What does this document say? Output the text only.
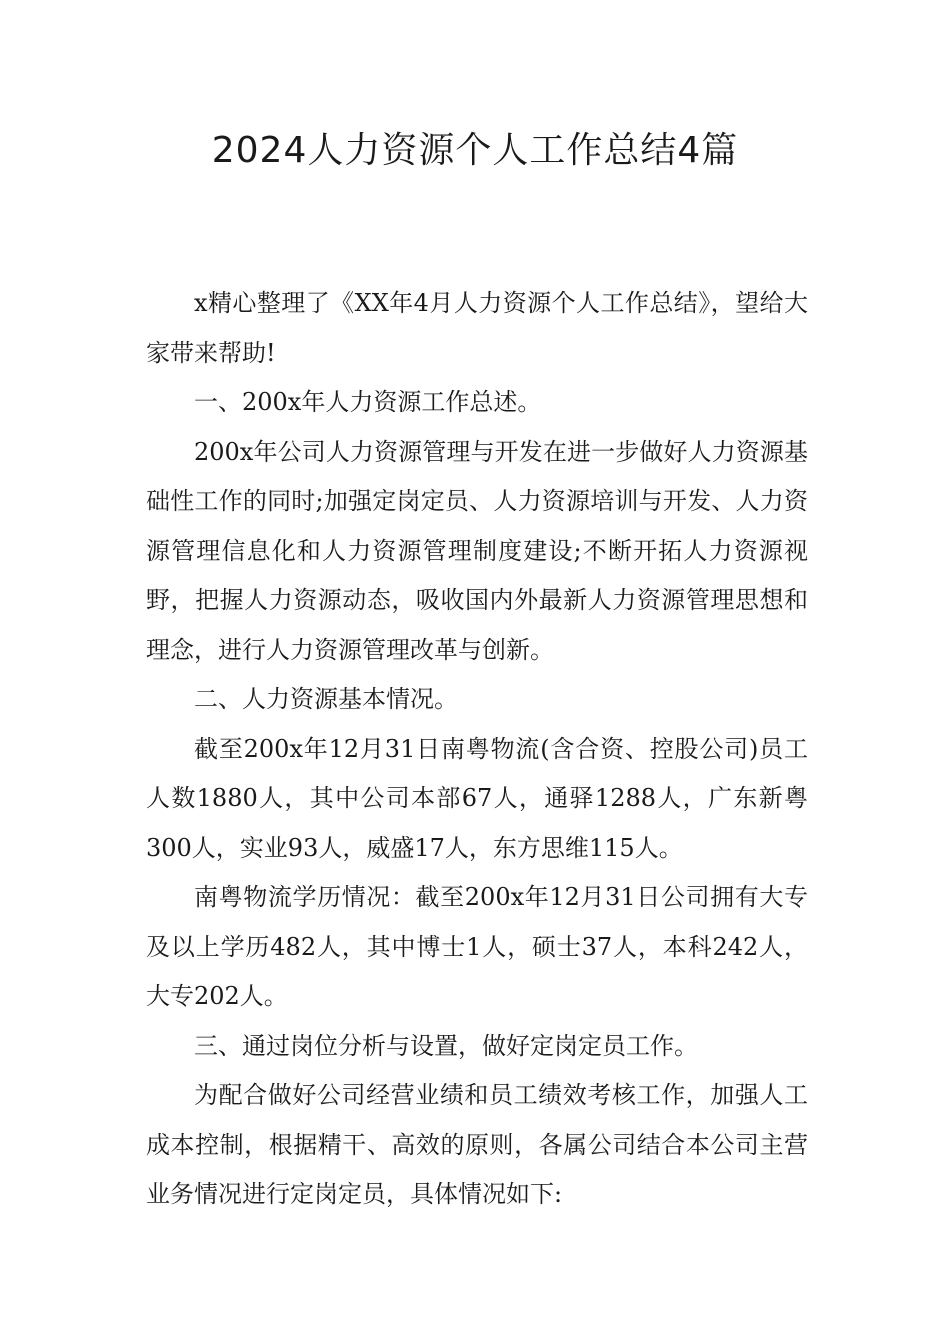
2024人力资源个人工作总结4篇

x精心整理了《XX年4月人力资源个人工作总结》，望给大家带来帮助!

一、200x年人力资源工作总述。

200x年公司人力资源管理与开发在进一步做好人力资源基础性工作的同时;加强定岗定员、人力资源培训与开发、人力资源管理信息化和人力资源管理制度建设;不断开拓人力资源视野，把握人力资源动态，吸收国内外最新人力资源管理思想和理念，进行人力资源管理改革与创新。

二、人力资源基本情况。

截至200x年12月31日南粤物流(含合资、控股公司)员工人数1880人，其中公司本部67人，通驿1288人，广东新粤300人，实业93人，威盛17人，东方思维115人。

南粤物流学历情况：截至200x年12月31日公司拥有大专及以上学历482人，其中博士1人，硕士37人，本科242人，大专202人。

三、通过岗位分析与设置，做好定岗定员工作。

为配合做好公司经营业绩和员工绩效考核工作，加强人工成本控制，根据精干、高效的原则，各属公司结合本公司主营业务情况进行定岗定员，具体情况如下:
